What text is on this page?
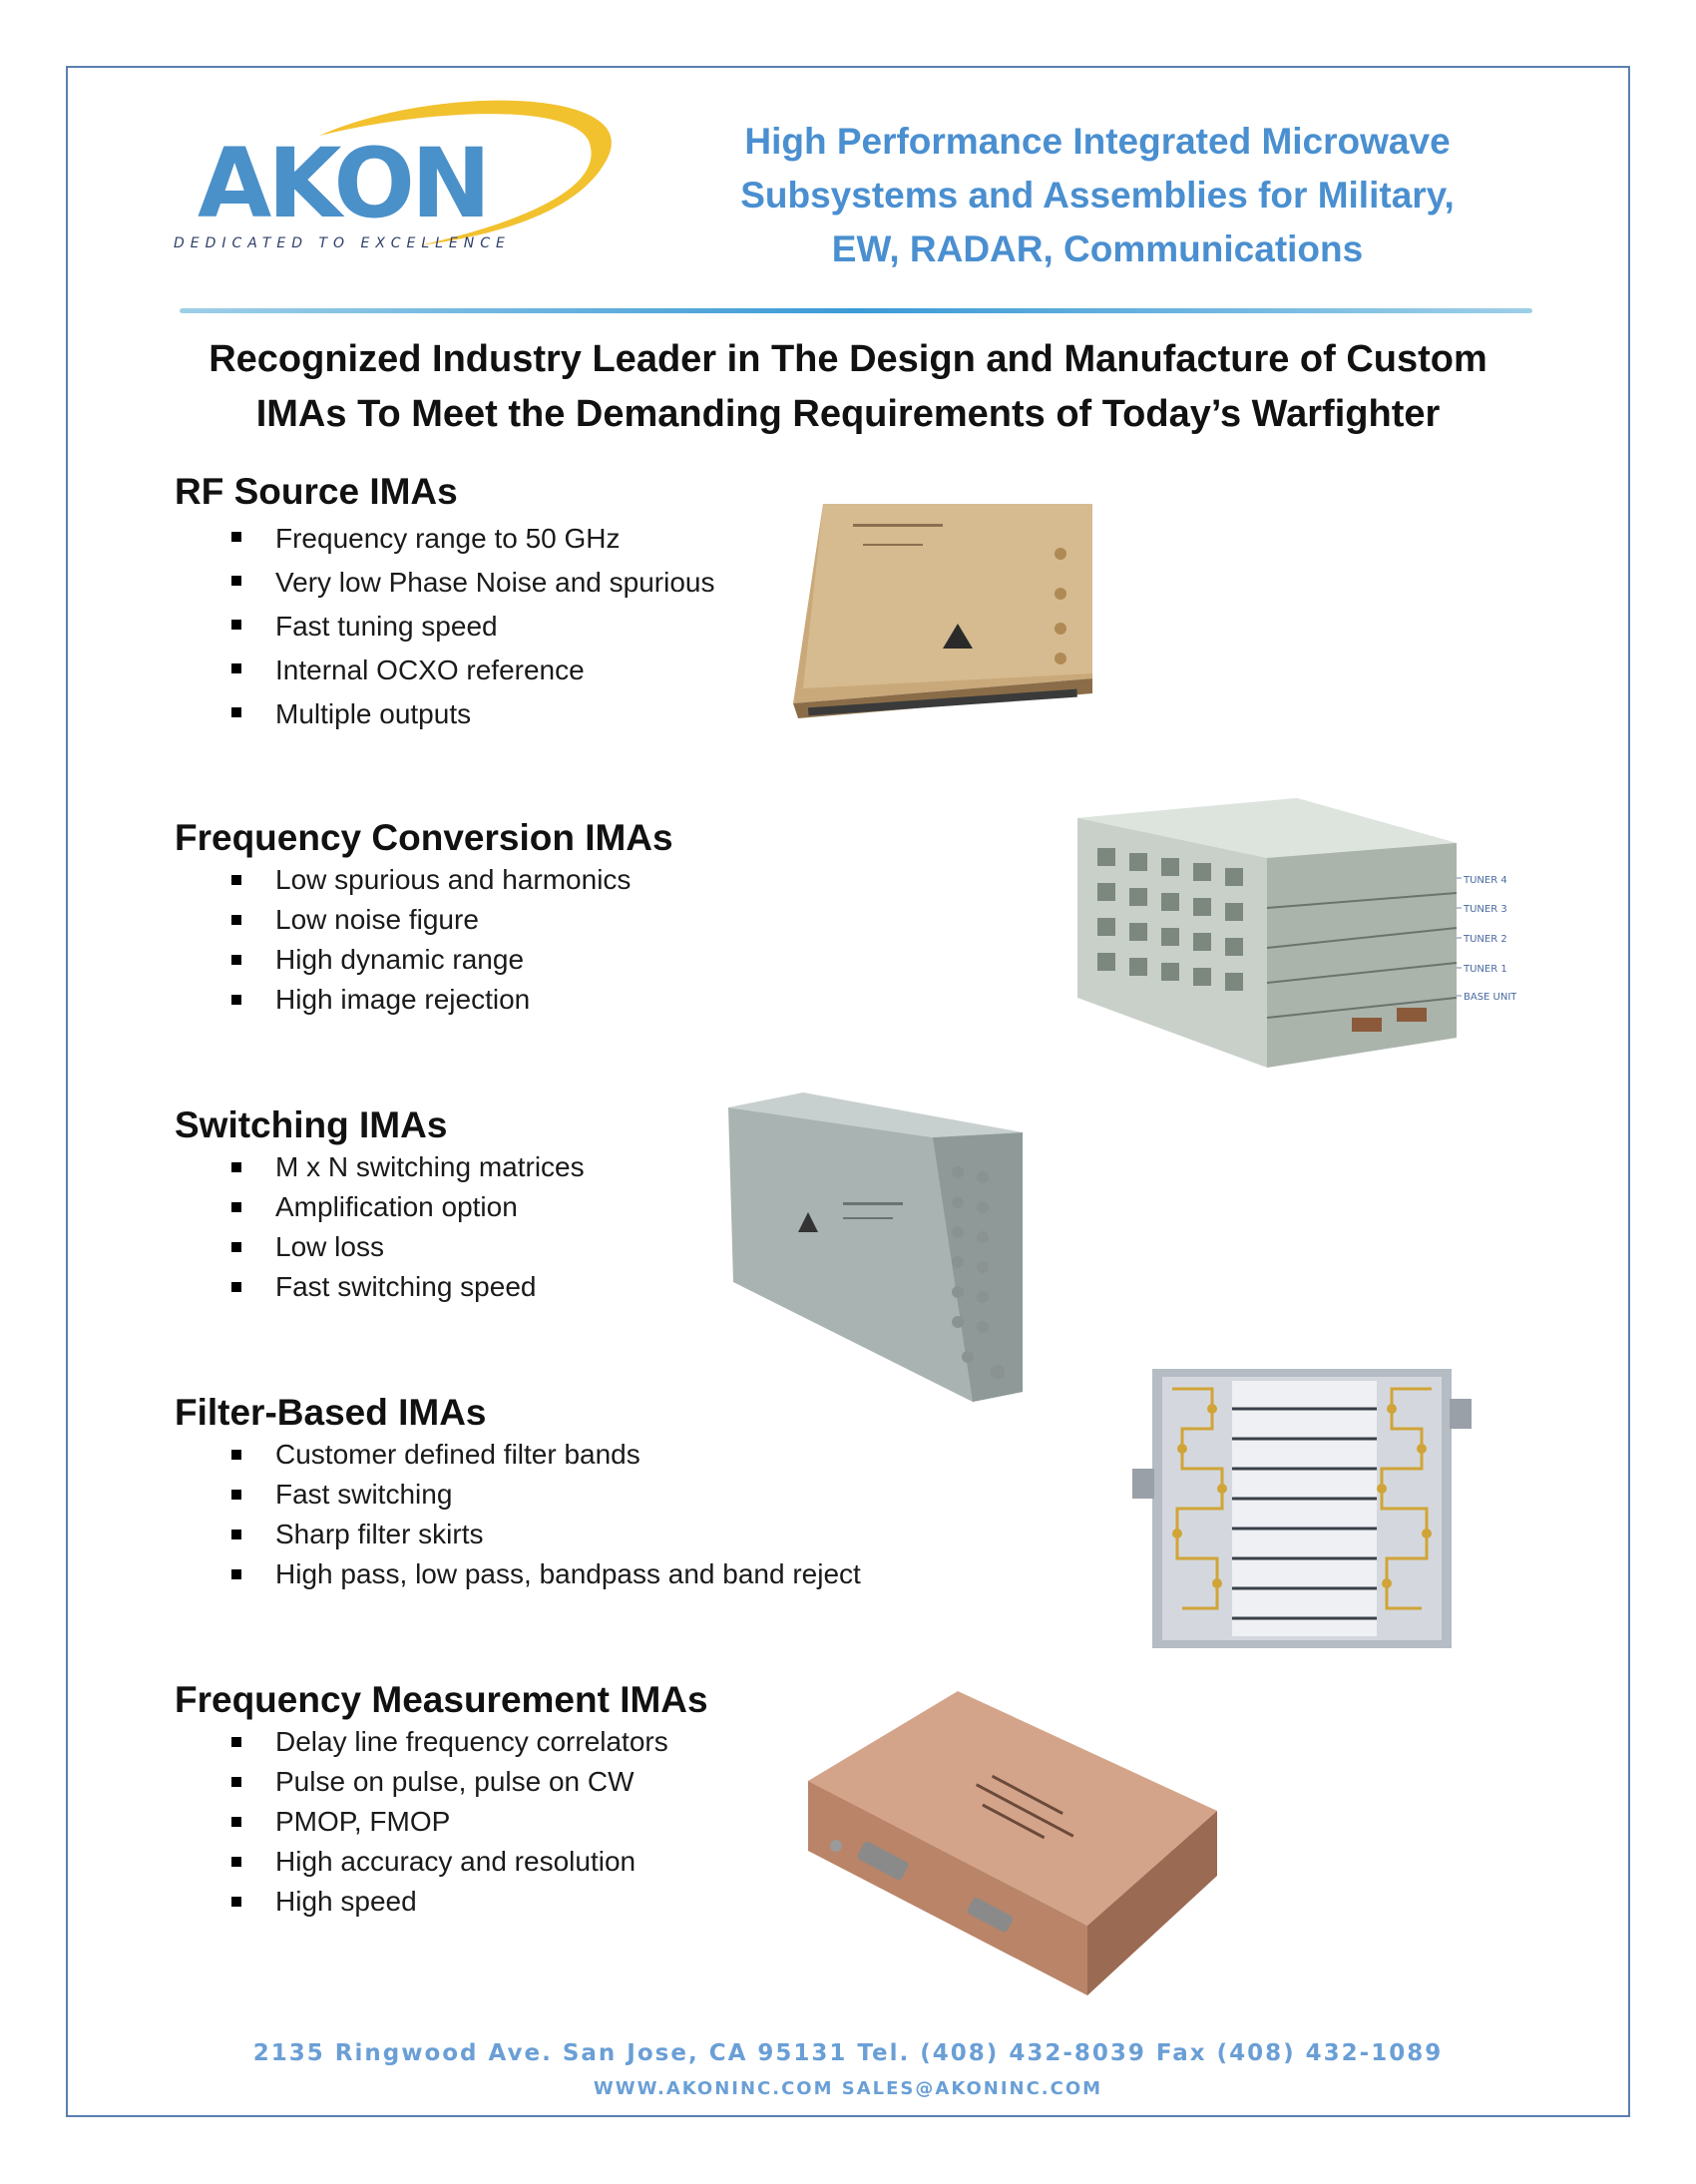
AKON
DEDICATED TO EXCELLENCE
High Performance Integrated Microwave
Subsystems and Assemblies for Military,
EW, RADAR, Communications
Recognized Industry Leader in The Design and Manufacture of Custom
IMAs To Meet the Demanding Requirements of Today’s Warfighter
RF Source IMAs
Frequency range to 50 GHz
Very low Phase Noise and spurious
Fast tuning speed
Internal OCXO reference
Multiple outputs
Frequency Conversion IMAs
Low spurious and harmonics
Low noise figure
High dynamic range
High image rejection
TUNER 4
TUNER 3
TUNER 2
TUNER 1
BASE UNIT
Switching IMAs
M x N switching matrices
Amplification option
Low loss
Fast switching speed
Filter-Based IMAs
Customer defined filter bands
Fast switching
Sharp filter skirts
High pass, low pass, bandpass and band reject
Frequency Measurement IMAs
Delay line frequency correlators
Pulse on pulse, pulse on CW
PMOP, FMOP
High accuracy and resolution
High speed
2135 Ringwood Ave. San Jose, CA 95131 Tel. (408) 432-8039 Fax (408) 432-1089
WWW.AKONINC.COM SALES@AKONINC.COM
